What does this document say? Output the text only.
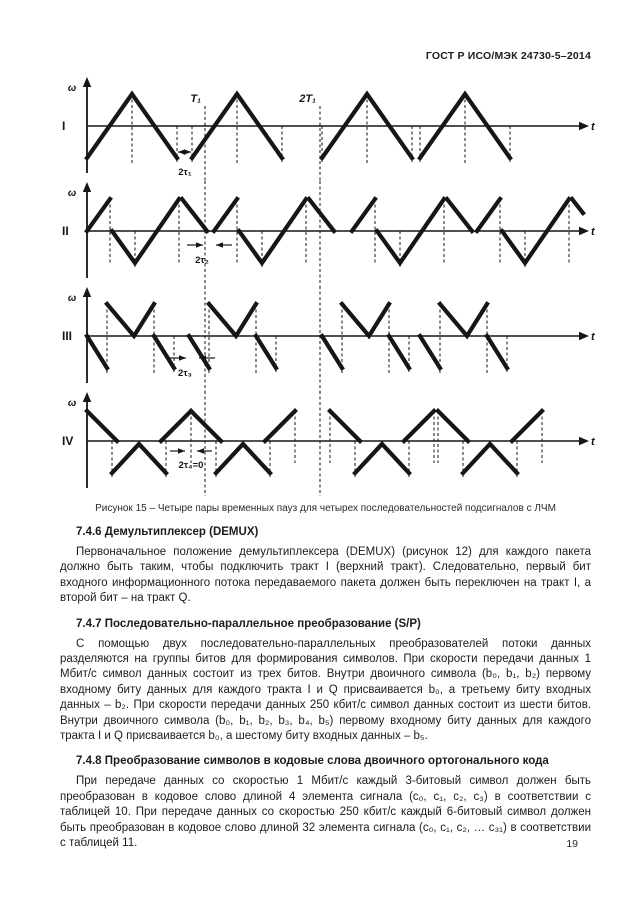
ГОСТ Р ИСО/МЭК 24730-5–2014
T₁	2T₁
ω
t
I
2τ₁
ω
t
II
2τ₂
ω
t
III
2τ₃
ω
t
IV
2τ₄=0
Рисунок 15 – Четыре пары временных пауз для четырех последовательностей подсигналов с ЛЧМ
7.4.6 Демультиплексер (DEMUX)

Первоначальное положение демультиплексера (DEMUX) (рисунок 12) для каждого пакета должно быть таким, чтобы подключить тракт I (верхний тракт). Следовательно, первый бит входного информационного потока передаваемого пакета должен быть переключен на тракт I, а второй бит – на тракт Q.

7.4.7 Последовательно-параллельное преобразование (S/P)

С помощью двух последовательно-параллельных преобразователей потоки данных разделяются на группы битов для формирования символов. При скорости передачи данных 1 Мбит/с символ данных состоит из трех битов. Внутри двоичного символа (b₀, b₁, b₂) первому входному биту данных для каждого тракта I и Q присваивается b₀, а третьему биту входных данных – b₂. При скорости передачи данных 250 кбит/с символ данных состоит из шести битов. Внутри двоичного символа (b₀, b₁, b₂, b₃, b₄, b₅) первому входному биту данных для каждого тракта I и Q присваивается b₀, а шестому биту входных данных – b₅.

7.4.8 Преобразование символов в кодовые слова двоичного ортогонального кода

При передаче данных со скоростью 1 Мбит/с каждый 3-битовый символ должен быть преобразован в кодовое слово длиной 4 элемента сигнала (c₀, c₁, c₂, c₃) в соответствии с таблицей 10. При передаче данных со скоростью 250 кбит/с каждый 6-битовый символ должен быть преобразован в кодовое слово длиной 32 элемента сигнала (c₀, c₁, c₂, … c₃₁) в соответствии с таблицей 11.	19
